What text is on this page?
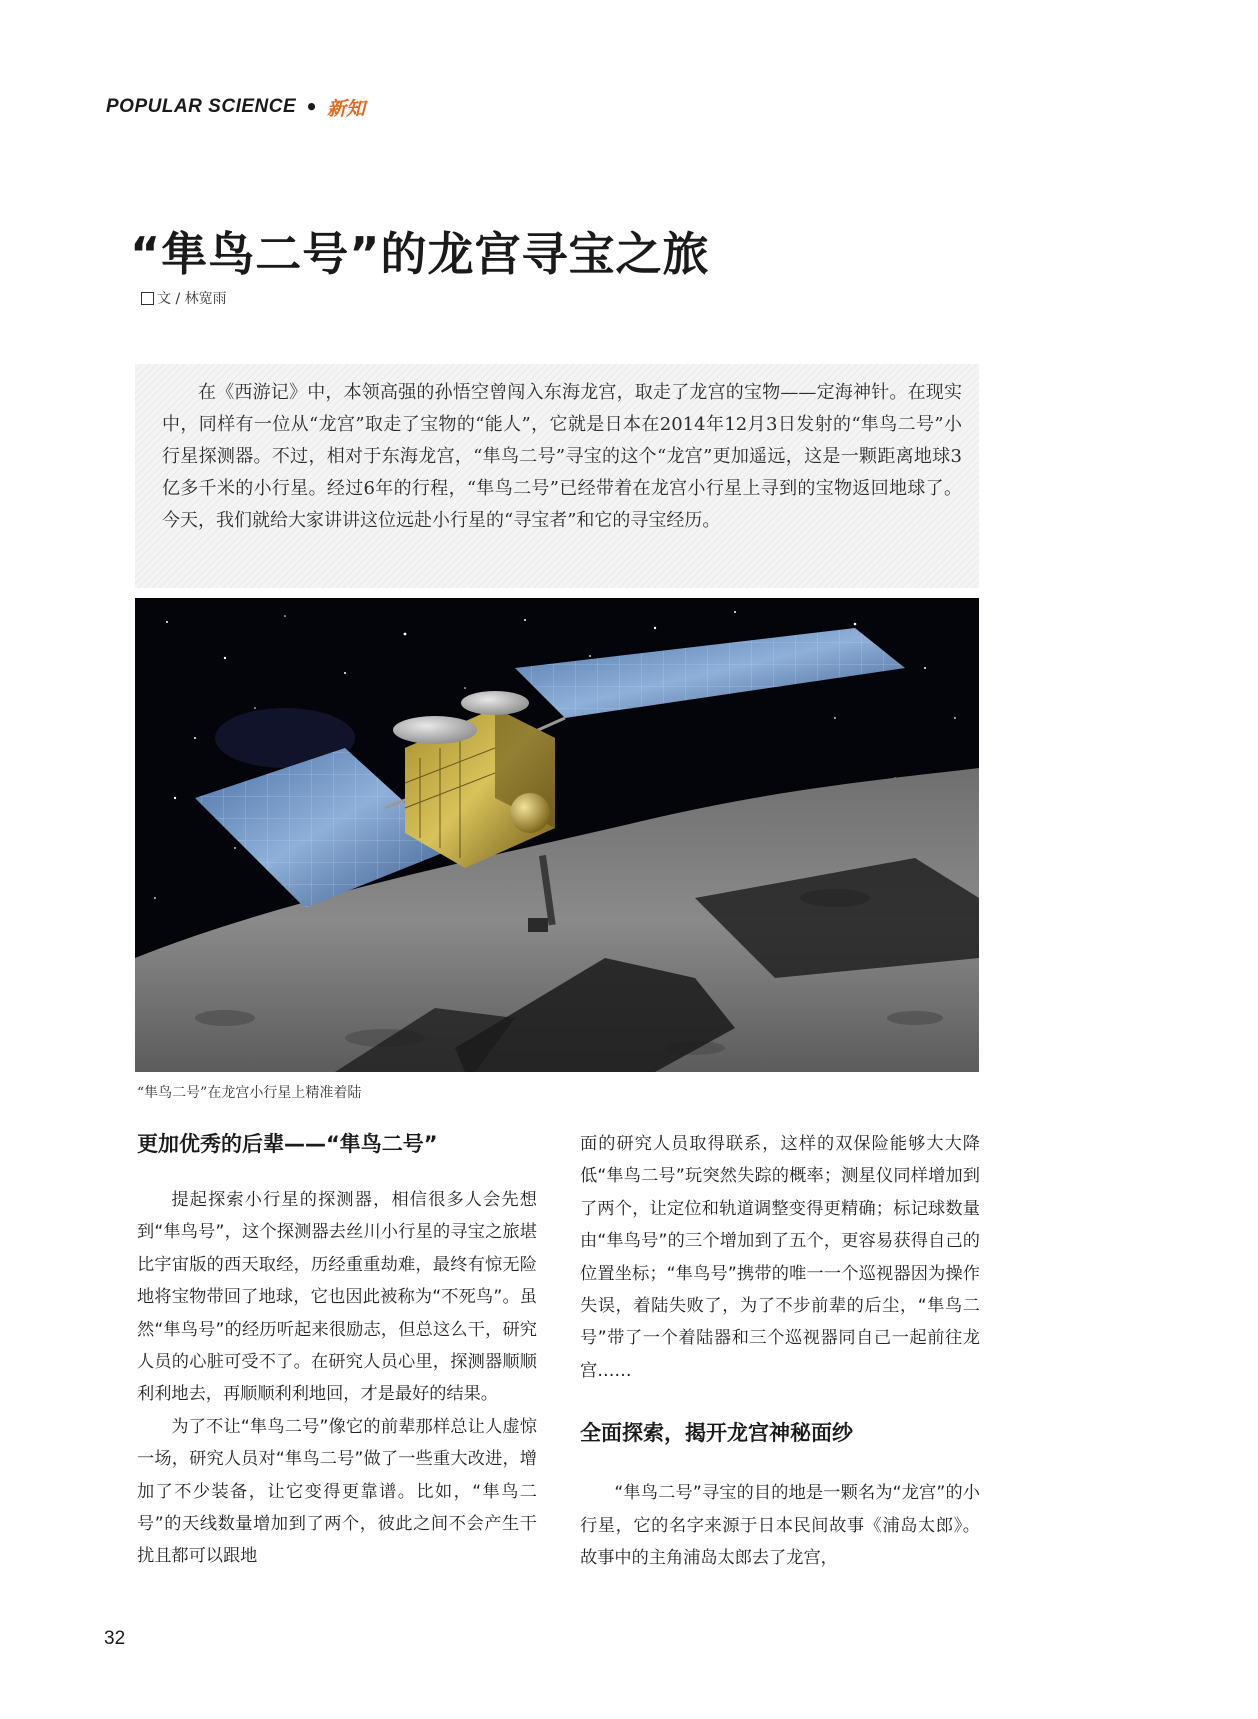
POPULAR SCIENCE • 新知
“隼鸟二号”的龙宫寻宝之旅
文 / 林宽雨

在《西游记》中，本领高强的孙悟空曾闯入东海龙宫，取走了龙宫的宝物——定海神针。在现实中，同样有一位从“龙宫”取走了宝物的“能人”，它就是日本在2014年12月3日发射的“隼鸟二号”小行星探测器。不过，相对于东海龙宫，“隼鸟二号”寻宝的这个“龙宫”更加遥远，这是一颗距离地球3亿多千米的小行星。经过6年的行程，“隼鸟二号”已经带着在龙宫小行星上寻到的宝物返回地球了。今天，我们就给大家讲讲这位远赴小行星的“寻宝者”和它的寻宝经历。

“隼鸟二号”在龙宫小行星上精准着陆
更加优秀的后辈——“隼鸟二号”

提起探索小行星的探测器，相信很多人会先想到“隼鸟号”，这个探测器去丝川小行星的寻宝之旅堪比宇宙版的西天取经，历经重重劫难，最终有惊无险地将宝物带回了地球，它也因此被称为“不死鸟”。虽然“隼鸟号”的经历听起来很励志，但总这么干，研究人员的心脏可受不了。在研究人员心里，探测器顺顺利利地去，再顺顺利利地回，才是最好的结果。

为了不让“隼鸟二号”像它的前辈那样总让人虚惊一场，研究人员对“隼鸟二号”做了一些重大改进，增加了不少装备，让它变得更靠谱。比如，“隼鸟二号”的天线数量增加到了两个，彼此之间不会产生干扰且都可以跟地

面的研究人员取得联系，这样的双保险能够大大降低“隼鸟二号”玩突然失踪的概率；测星仪同样增加到了两个，让定位和轨道调整变得更精确；标记球数量由“隼鸟号”的三个增加到了五个，更容易获得自己的位置坐标；“隼鸟号”携带的唯一一个巡视器因为操作失误，着陆失败了，为了不步前辈的后尘，“隼鸟二号”带了一个着陆器和三个巡视器同自己一起前往龙宫……

全面探索，揭开龙宫神秘面纱

“隼鸟二号”寻宝的目的地是一颗名为“龙宫”的小行星，它的名字来源于日本民间故事《浦岛太郎》。故事中的主角浦岛太郎去了龙宫，

32
